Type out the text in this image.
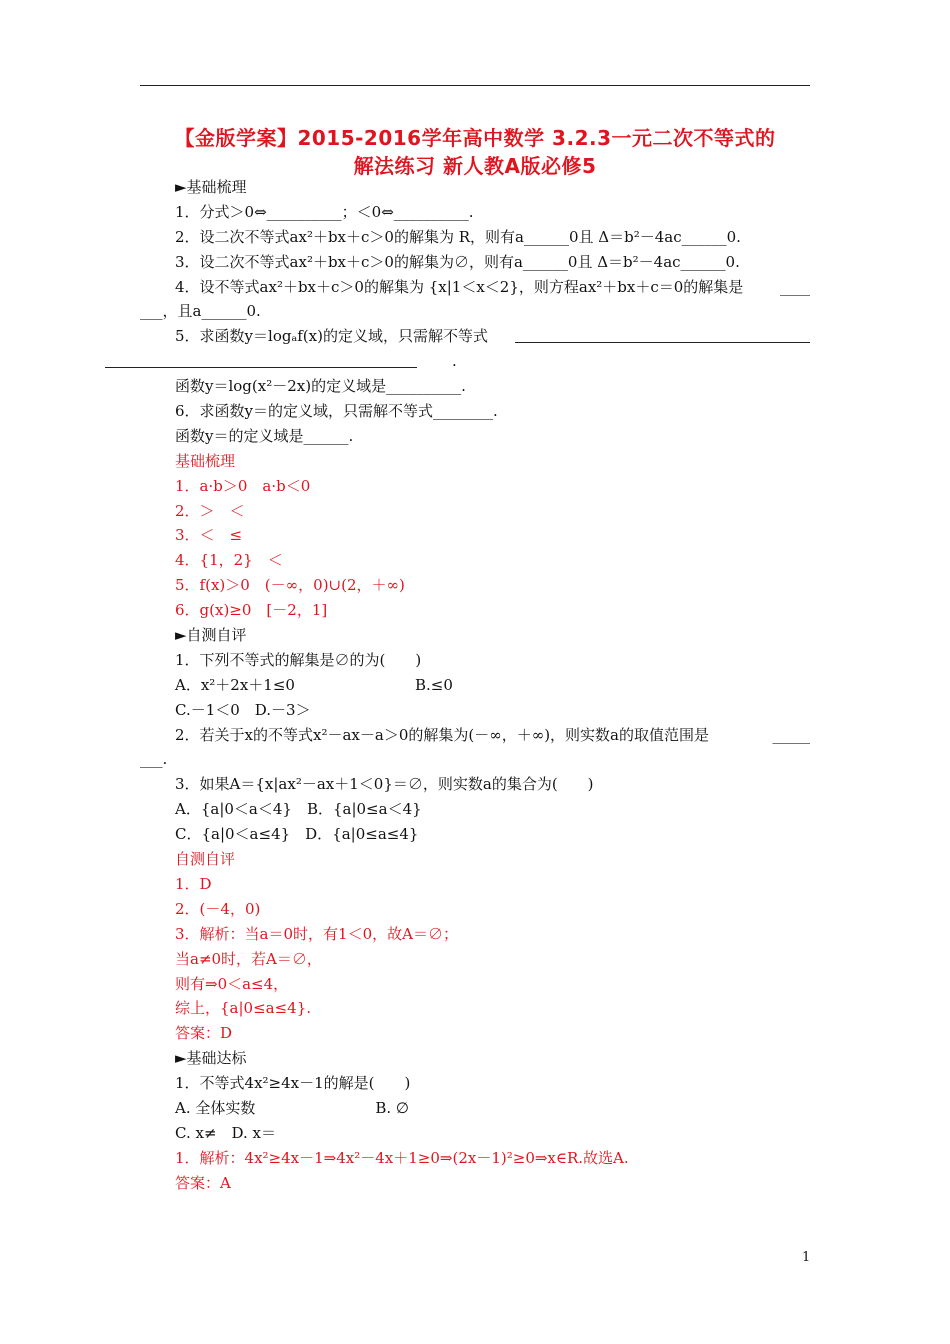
【金版学案】2015-2016学年高中数学 3.2.3一元二次不等式的
解法练习 新人教A版必修5
►基础梳理
1．分式＞0⇔__________；＜0⇔__________.
2．设二次不等式ax²＋bx＋c＞0的解集为 R，则有a______0且 Δ＝b²－4ac______0.
3．设二次不等式ax²＋bx＋c＞0的解集为∅，则有a______0且 Δ＝b²－4ac______0.
4．设不等式ax²＋bx＋c＞0的解集为 {x|1＜x＜2}，则方程ax²＋bx＋c＝0的解集是 ____
___，且a______0.
5．求函数y＝logₐf(x)的定义域，只需解不等式
.
函数y＝log(x²－2x)的定义域是__________.
6．求函数y＝的定义域，只需解不等式________.
函数y＝的定义域是______.
基础梳理
1．a·b＞0　a·b＜0
2．＞　＜
3．＜　≤
4．{1，2}　＜
5．f(x)＞0　(－∞，0)∪(2，＋∞)
6．g(x)≥0　[－2，1]
►自测自评
1．下列不等式的解集是∅的为(　　)
A．x²＋2x＋1≤0　　　　　　　　B.≤0
C.－1＜0　D.－3＞
2．若关于x的不等式x²－ax－a＞0的解集为(－∞，＋∞)，则实数a的取值范围是	_____
___.
3．如果A＝{x|ax²－ax＋1＜0}＝∅，则实数a的集合为(　　)
A．{a|0＜a＜4}　B．{a|0≤a＜4}
C．{a|0＜a≤4}　D．{a|0≤a≤4}
自测自评
1．D
2．(－4，0)
3．解析：当a＝0时，有1＜0，故A＝∅；
当a≠0时，若A＝∅，
则有⇒0＜a≤4，
综上，{a|0≤a≤4}.
答案：D
►基础达标
1．不等式4x²≥4x－1的解是(　　)
A. 全体实数　　　　　　　　B. ∅
C. x≠　D. x＝
1．解析：4x²≥4x－1⇒4x²－4x＋1≥0⇒(2x－1)²≥0⇒x∈R.故选A.
答案：A
1
